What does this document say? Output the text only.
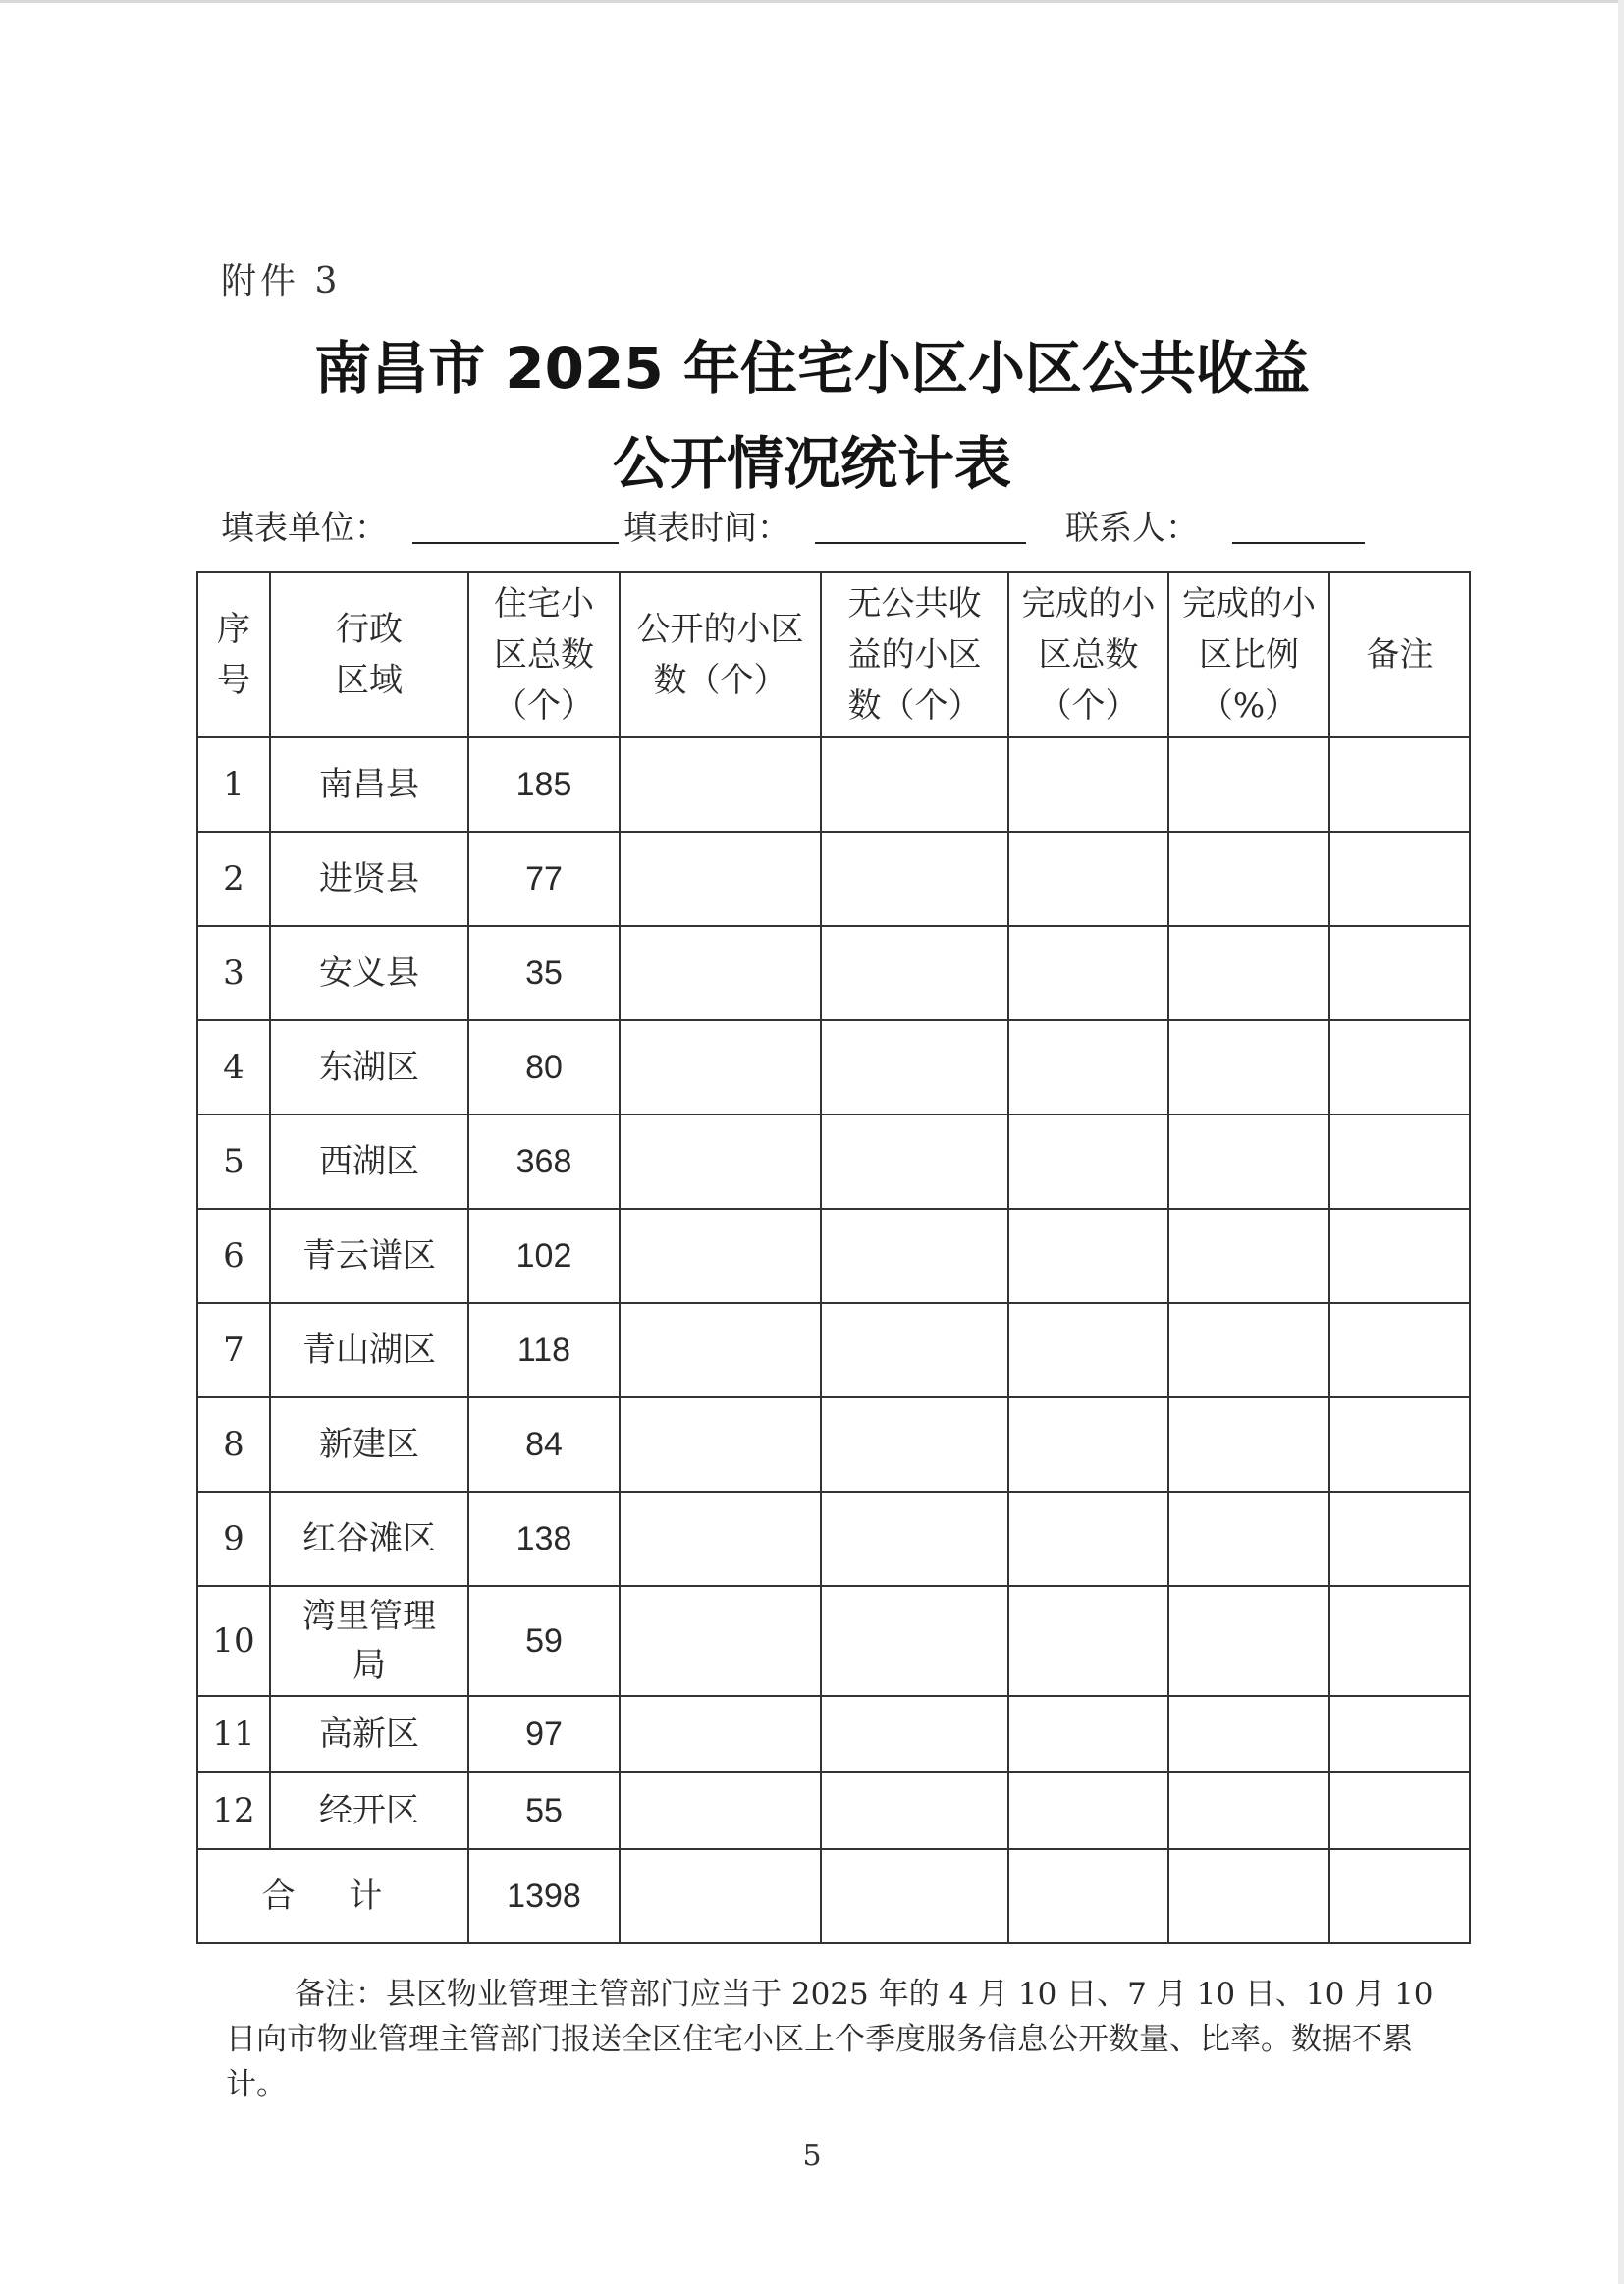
附件 3
南昌市 2025 年住宅小区小区公共收益
公开情况统计表
填表单位：	填表时间：	联系人：
序号	行政区域	住宅小区总数（个）	公开的小区数（个）	无公共收益的小区数（个）	完成的小区总数（个）	完成的小区比例（%）	备注
1	南昌县	185					
2	进贤县	77					
3	安义县	35					
4	东湖区	80					
5	西湖区	368					
6	青云谱区	102					
7	青山湖区	118					
8	新建区	84					
9	红谷滩区	138					
10	湾里管理局	59					
11	高新区	97					
12	经开区	55					
合 计		1398					
备注：县区物业管理主管部门应当于 2025 年的 4 月 10 日、7 月 10 日、10 月 10 日向市物业管理主管部门报送全区住宅小区上个季度服务信息公开数量、比率。数据不累计。
5
